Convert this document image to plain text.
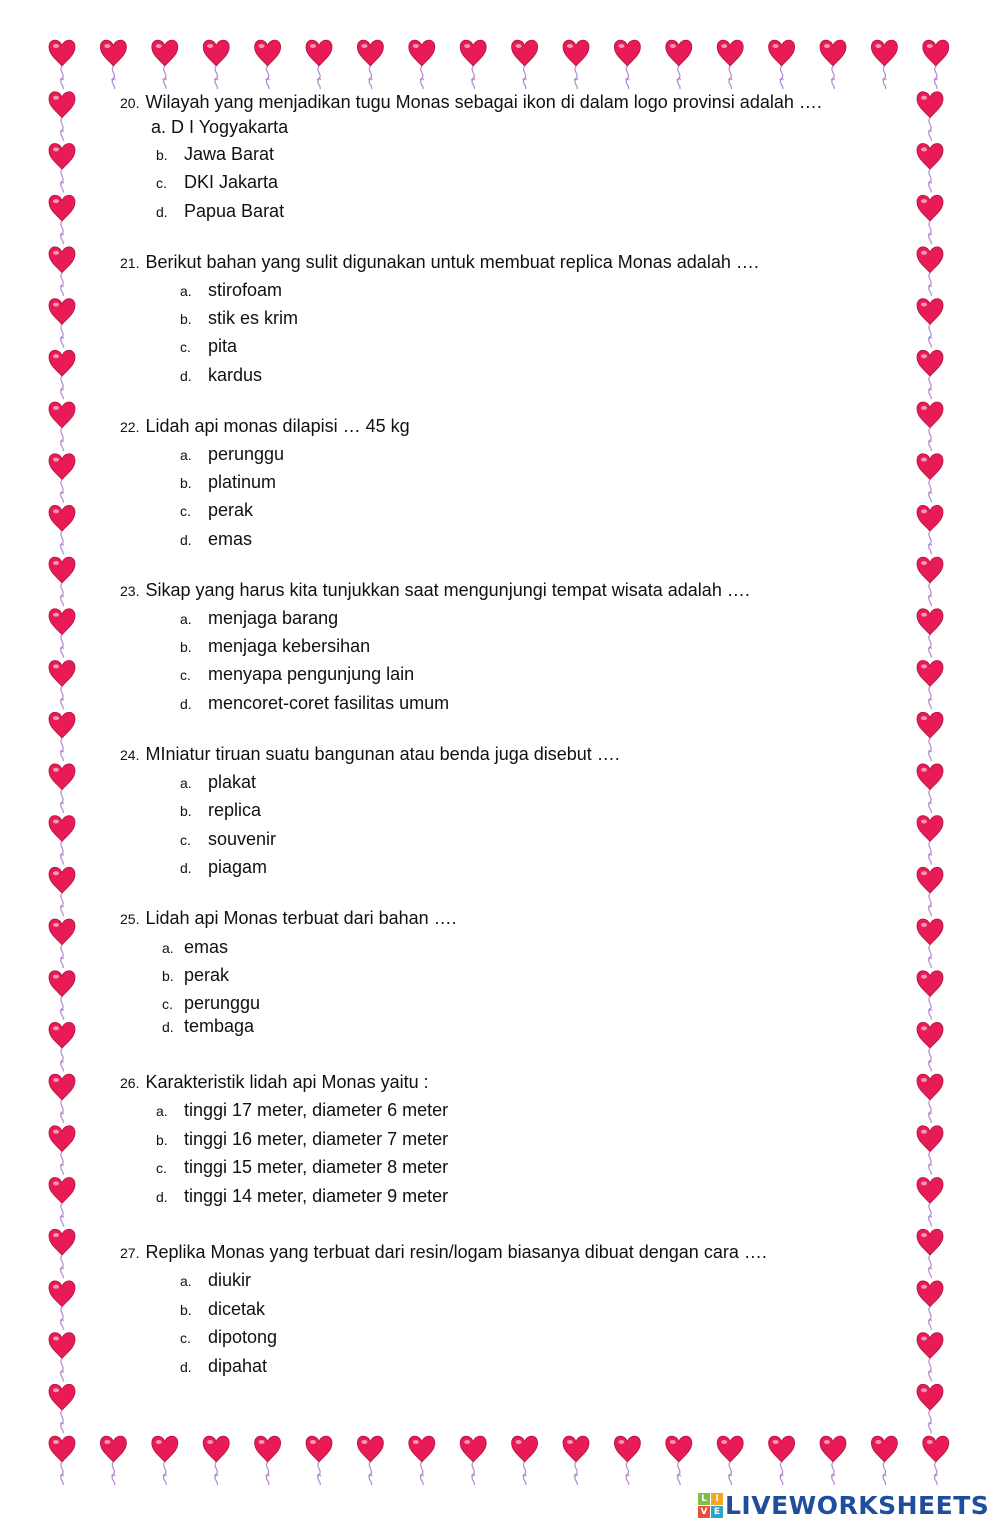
20. Wilayah yang menjadikan tugu Monas sebagai ikon di dalam logo provinsi adalah ….
a. D I Yogyakarta
b. Jawa Barat
c. DKI Jakarta
d. Papua Barat
21. Berikut bahan yang sulit digunakan untuk membuat replica Monas adalah ….
a. stirofoam
b. stik es krim
c. pita
d. kardus
22. Lidah api monas dilapisi … 45 kg
a. perunggu
b. platinum
c. perak
d. emas
23. Sikap yang harus kita tunjukkan saat mengunjungi tempat wisata adalah ….
a. menjaga barang
b. menjaga kebersihan
c. menyapa pengunjung lain
d. mencoret-coret fasilitas umum
24. MIniatur tiruan suatu bangunan atau benda juga disebut ….
a. plakat
b. replica
c. souvenir
d. piagam
25. Lidah api Monas terbuat dari bahan ….
a. emas
b. perak
c. perunggu
d. tembaga
26. Karakteristik lidah api Monas yaitu :
a. tinggi 17 meter, diameter 6 meter
b. tinggi 16 meter, diameter 7 meter
c. tinggi 15 meter, diameter 8 meter
d. tinggi 14 meter, diameter 9 meter
27. Replika Monas yang terbuat dari resin/logam biasanya dibuat dengan cara ….
a. diukir
b. dicetak
c. dipotong
d. dipahat
L I
V E LIVEWORKSHEETS
